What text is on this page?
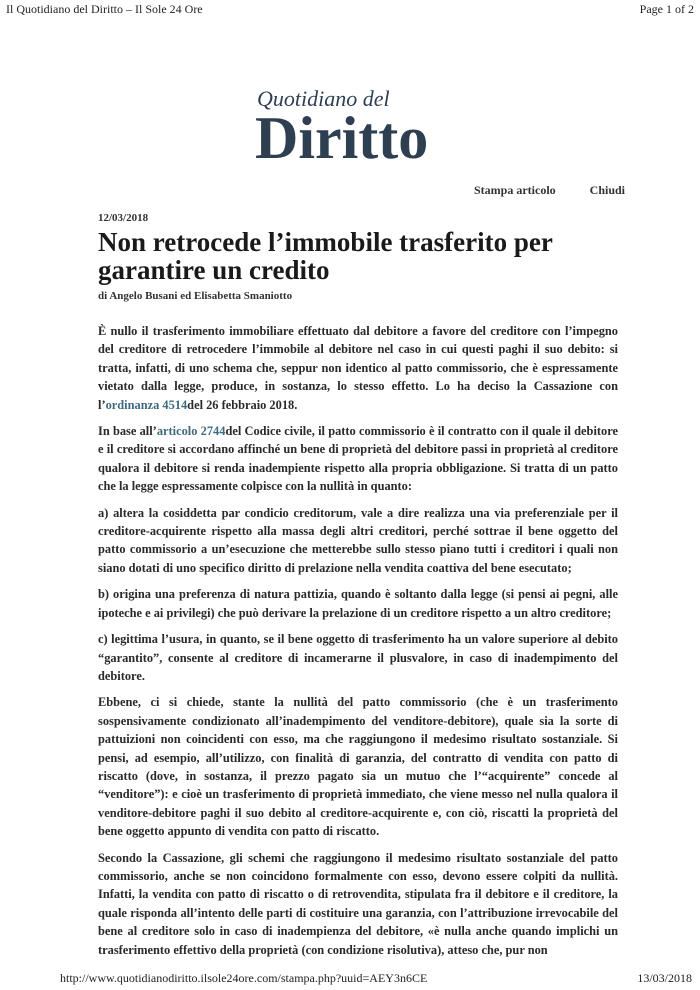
Il Quotidiano del Diritto – Il Sole 24 Ore	Page 1 of 2
Quotidiano del
Diritto
Stampa articolo	Chiudi
12/03/2018
Non retrocede l’immobile trasferito per garantire un credito
di Angelo Busani ed Elisabetta Smaniotto

È nullo il trasferimento immobiliare effettuato dal debitore a favore del creditore con l’impegno del creditore di retrocedere l’immobile al debitore nel caso in cui questi paghi il suo debito: si tratta, infatti, di uno schema che, seppur non identico al patto commissorio, che è espressamente vietato dalla legge, produce, in sostanza, lo stesso effetto. Lo ha deciso la Cassazione con l’ordinanza 4514del 26 febbraio 2018.

In base all’articolo 2744del Codice civile, il patto commissorio è il contratto con il quale il debitore e il creditore si accordano affinché un bene di proprietà del debitore passi in proprietà al creditore qualora il debitore si renda inadempiente rispetto alla propria obbligazione. Si tratta di un patto che la legge espressamente colpisce con la nullità in quanto:

a) altera la cosiddetta par condicio creditorum, vale a dire realizza una via preferenziale per il creditore-acquirente rispetto alla massa degli altri creditori, perché sottrae il bene oggetto del patto commissorio a un’esecuzione che metterebbe sullo stesso piano tutti i creditori i quali non siano dotati di uno specifico diritto di prelazione nella vendita coattiva del bene esecutato;

b) origina una preferenza di natura pattizia, quando è soltanto dalla legge (si pensi ai pegni, alle ipoteche e ai privilegi) che può derivare la prelazione di un creditore rispetto a un altro creditore;

c) legittima l’usura, in quanto, se il bene oggetto di trasferimento ha un valore superiore al debito “garantito”, consente al creditore di incamerarne il plusvalore, in caso di inadempimento del debitore.

Ebbene, ci si chiede, stante la nullità del patto commissorio (che è un trasferimento sospensivamente condizionato all’inadempimento del venditore-debitore), quale sia la sorte di pattuizioni non coincidenti con esso, ma che raggiungono il medesimo risultato sostanziale. Si pensi, ad esempio, all’utilizzo, con finalità di garanzia, del contratto di vendita con patto di riscatto (dove, in sostanza, il prezzo pagato sia un mutuo che l’“acquirente” concede al “venditore”): e cioè un trasferimento di proprietà immediato, che viene messo nel nulla qualora il venditore-debitore paghi il suo debito al creditore-acquirente e, con ciò, riscatti la proprietà del bene oggetto appunto di vendita con patto di riscatto.

Secondo la Cassazione, gli schemi che raggiungono il medesimo risultato sostanziale del patto commissorio, anche se non coincidono formalmente con esso, devono essere colpiti da nullità. Infatti, la vendita con patto di riscatto o di retrovendita, stipulata fra il debitore e il creditore, la quale risponda all’intento delle parti di costituire una garanzia, con l’attribuzione irrevocabile del bene al creditore solo in caso di inadempienza del debitore, «è nulla anche quando implichi un trasferimento effettivo della proprietà (con condizione risolutiva), atteso che, pur non

http://www.quotidianodiritto.ilsole24ore.com/stampa.php?uuid=AEY3n6CE	13/03/2018
